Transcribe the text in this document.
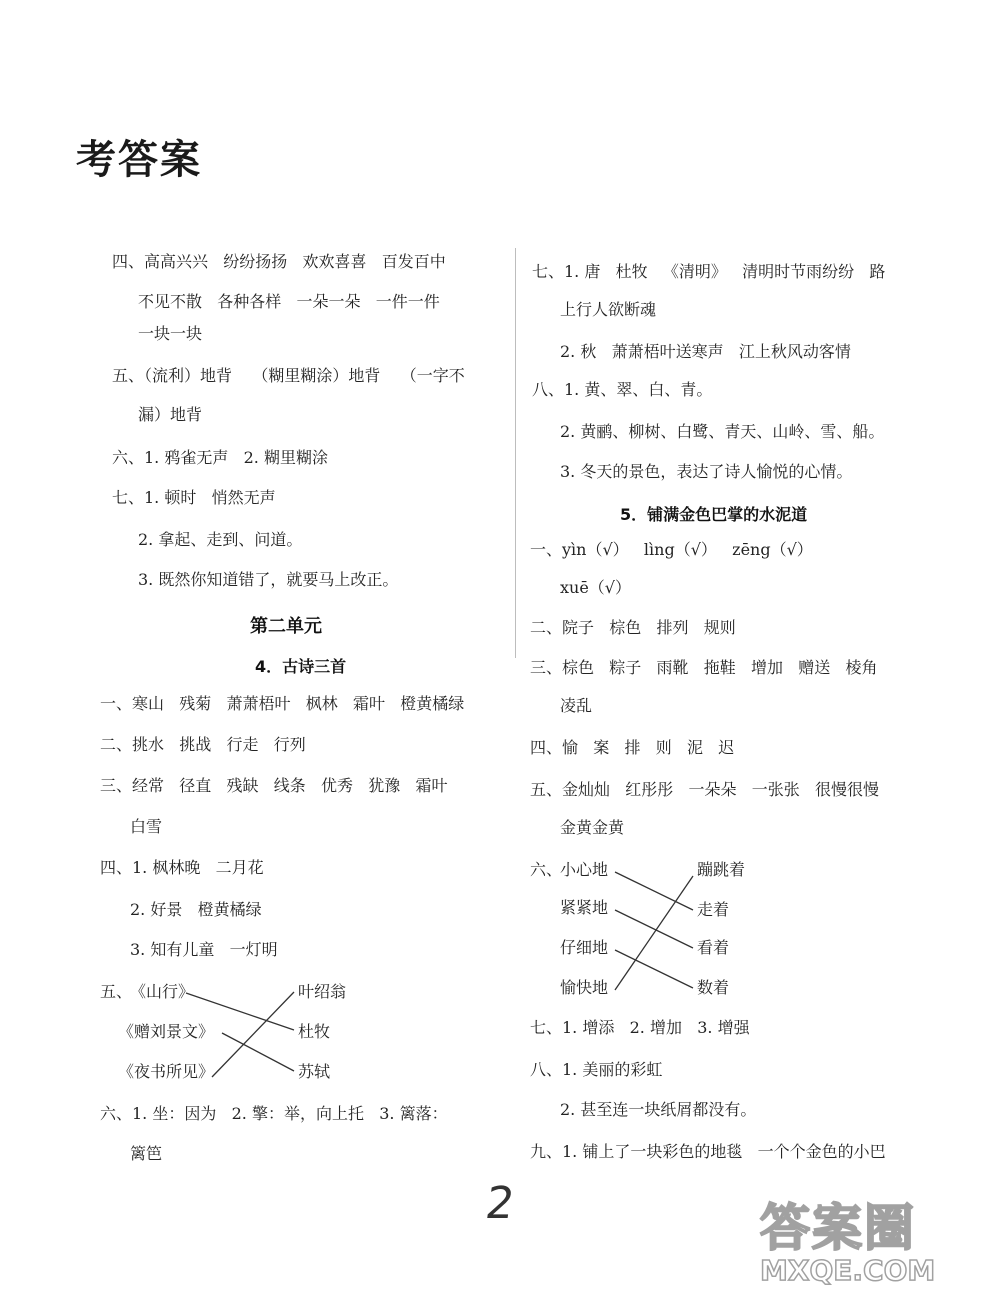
考答案
四、高高兴兴   纷纷扬扬   欢欢喜喜   百发百中
不见不散   各种各样   一朵一朵   一件一件
一块一块
五、（流利）地背    （糊里糊涂）地背    （一字不
漏）地背
六、1. 鸦雀无声   2. 糊里糊涂
七、1. 顿时   悄然无声
2. 拿起、走到、问道。
3. 既然你知道错了，就要马上改正。
第二单元
4．古诗三首
一、寒山   残菊   萧萧梧叶   枫林   霜叶   橙黄橘绿
二、挑水   挑战   行走   行列
三、经常   径直   残缺   线条   优秀   犹豫   霜叶
白雪
四、1. 枫林晚   二月花
2. 好景   橙黄橘绿
3. 知有儿童   一灯明
五、
《山行》
《赠刘景文》
《夜书所见》
叶绍翁
杜牧
苏轼
六、1. 坐：因为   2. 擎：举，向上托   3. 篱落：
篱笆
七、1. 唐   杜牧   《清明》   清明时节雨纷纷   路
上行人欲断魂
2. 秋   萧萧梧叶送寒声   江上秋风动客情
八、1. 黄、翠、白、青。
2. 黄鹂、柳树、白鹭、青天、山岭、雪、船。
3. 冬天的景色，表达了诗人愉悦的心情。
5．铺满金色巴掌的水泥道
一、yìn（√）   lìng（√）   zēng（√）
xuē（√）
二、院子   棕色   排列   规则
三、棕色   粽子   雨靴   拖鞋   增加   赠送   棱角
凌乱
四、愉   案   排   则   泥   迟
五、金灿灿   红彤彤   一朵朵   一张张   很慢很慢
金黄金黄
六、
小心地
紧紧地
仔细地
愉快地
蹦跳着
走着
看着
数着
七、1. 增添   2. 增加   3. 增强
八、1. 美丽的彩虹
2. 甚至连一块纸屑都没有。
九、1. 铺上了一块彩色的地毯   一个个金色的小巴
2	答案圈
MXQE.COM
